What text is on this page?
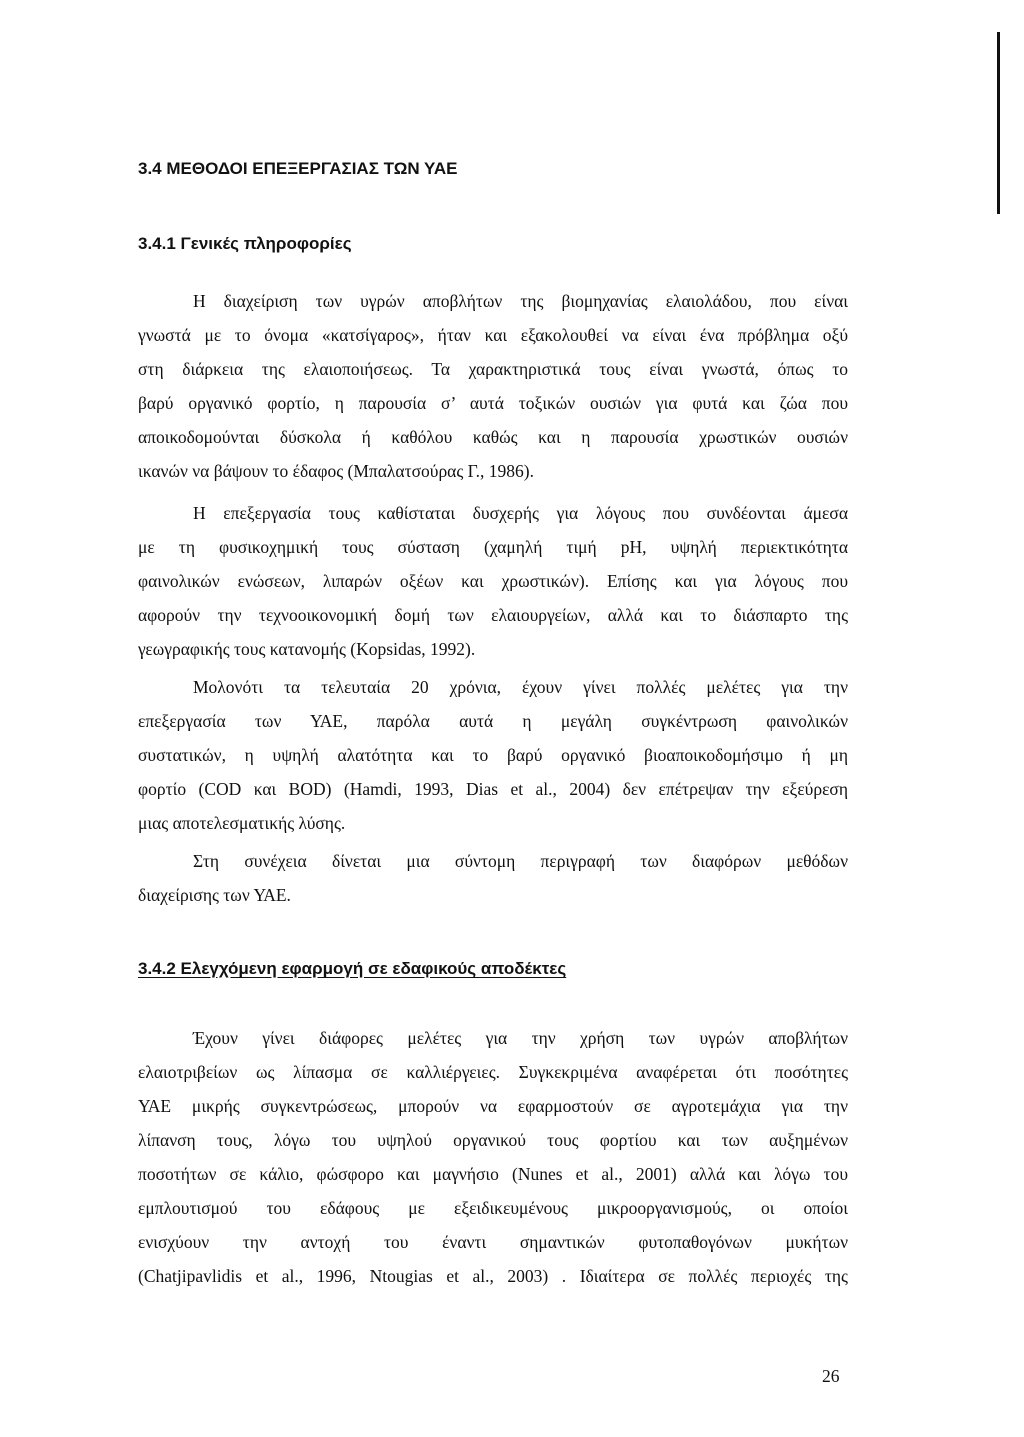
3.4 ΜΕΘΟΔΟΙ ΕΠΕΞΕΡΓΑΣΙΑΣ ΤΩΝ ΥΑΕ
3.4.1 Γενικές πληροφορίες

Η διαχείριση των υγρών αποβλήτων της βιομηχανίας ελαιολάδου, που είναι
γνωστά με το όνομα «κατσίγαρος», ήταν και εξακολουθεί να είναι ένα πρόβλημα οξύ
στη διάρκεια της ελαιοποιήσεως. Τα χαρακτηριστικά τους είναι γνωστά, όπως το
βαρύ οργανικό φορτίο, η παρουσία σ’ αυτά τοξικών ουσιών για φυτά και ζώα που
αποικοδομούνται δύσκολα ή καθόλου καθώς και η παρουσία χρωστικών ουσιών
ικανών να βάψουν το έδαφος (Μπαλατσούρας Γ., 1986).

Η επεξεργασία τους καθίσταται δυσχερής για λόγους που συνδέονται άμεσα
με τη φυσικοχημική τους σύσταση (χαμηλή τιμή pH, υψηλή περιεκτικότητα
φαινολικών ενώσεων, λιπαρών οξέων και χρωστικών). Επίσης και για λόγους που
αφορούν την τεχνοοικονομική δομή των ελαιουργείων, αλλά και το διάσπαρτο της
γεωγραφικής τους κατανομής (Kopsidas, 1992).

Μολονότι τα τελευταία 20 χρόνια, έχουν γίνει πολλές μελέτες για την
επεξεργασία των ΥΑΕ, παρόλα αυτά η μεγάλη συγκέντρωση φαινολικών
συστατικών, η υψηλή αλατότητα και το βαρύ οργανικό βιοαποικοδομήσιμο ή μη
φορτίο (COD και BOD) (Hamdi, 1993, Dias et al., 2004) δεν επέτρεψαν την εξεύρεση
μιας αποτελεσματικής λύσης.

Στη συνέχεια δίνεται μια σύντομη περιγραφή των διαφόρων μεθόδων
διαχείρισης των ΥΑΕ.

3.4.2 Ελεγχόμενη εφαρμογή σε εδαφικούς αποδέκτες

Έχουν γίνει διάφορες μελέτες για την χρήση των υγρών αποβλήτων
ελαιοτριβείων ως λίπασμα σε καλλιέργειες. Συγκεκριμένα αναφέρεται ότι ποσότητες
ΥΑΕ μικρής συγκεντρώσεως, μπορούν να εφαρμοστούν σε αγροτεμάχια για την
λίπανση τους, λόγω του υψηλού οργανικού τους φορτίου και των αυξημένων
ποσοτήτων σε κάλιο, φώσφορο και μαγνήσιο (Nunes et al., 2001) αλλά και λόγω του
εμπλουτισμού του εδάφους με εξειδικευμένους μικροοργανισμούς, οι οποίοι
ενισχύουν την αντοχή του έναντι σημαντικών φυτοπαθογόνων μυκήτων
(Chatjipavlidis et al., 1996, Ntougias et al., 2003) . Ιδιαίτερα σε πολλές περιοχές της

26
